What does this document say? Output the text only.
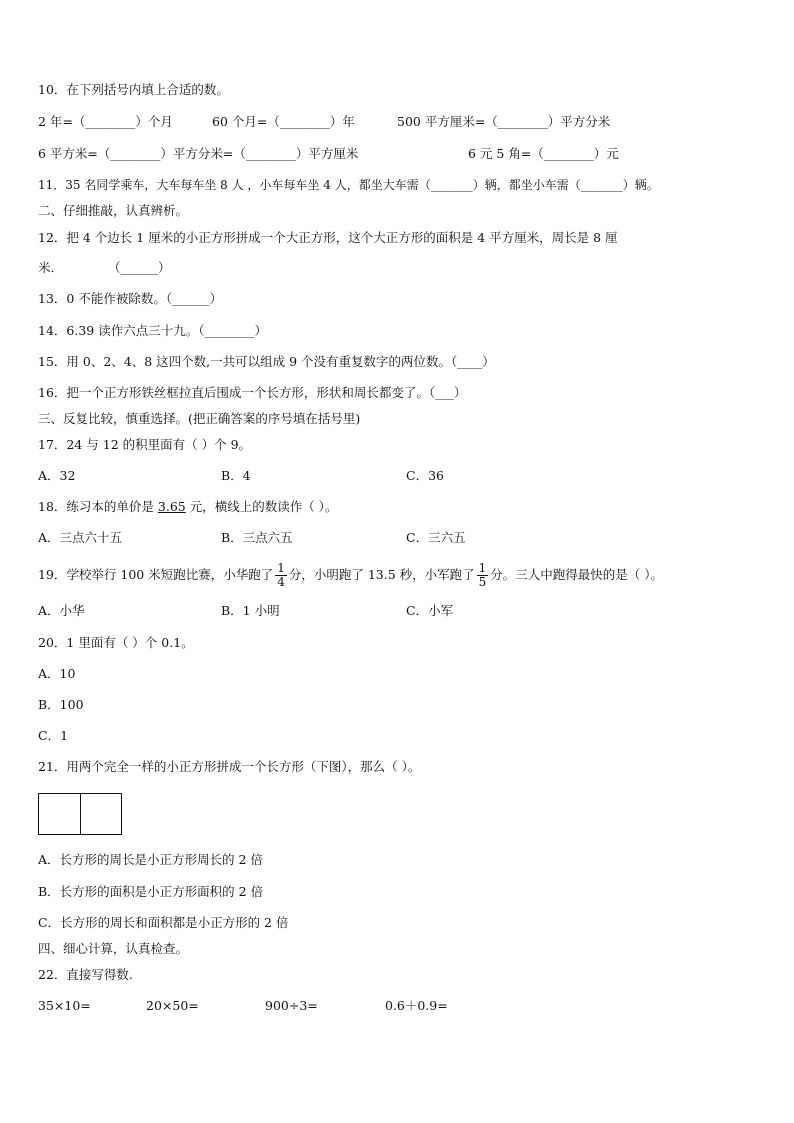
10．在下列括号内填上合适的数。
2 年=（________）个月	60 个月=（________）年	500 平方厘米=（________）平方分米
6 平方米=（________）平方分米=（________）平方厘米	6 元 5 角=（________）元
11．35 名同学乘车，大车每车坐 8 人 ，小车每车坐 4 人，都坐大车需（_______）辆，都坐小车需（_______）辆。
二、仔细推敲，认真辨析。
12．把 4 个边长 1 厘米的小正方形拼成一个大正方形，这个大正方形的面积是 4 平方厘米，周长是 8 厘
米．	（______）
13．0 不能作被除数。（______）
14．6.39 读作六点三十九。（________）
15．用 0、2、4、8 这四个数,一共可以组成 9 个没有重复数字的两位数。（____）
16．把一个正方形铁丝框拉直后围成一个长方形，形状和周长都变了。（___）
三、反复比较，慎重选择。(把正确答案的序号填在括号里)
17．24 与 12 的积里面有（ ）个 9。
A．32	B．4	C．36
18．练习本的单价是 3.65 元，横线上的数读作（ ）。
A．三点六十五	B．三点六五	C．三六五
19．学校举行 100 米短跑比赛，小华跑了 $\frac{1}{4}$ 分，小明跑了 13.5 秒，小军跑了 $\frac{1}{5}$ 分。三人中跑得最快的是（ ）。
A．小华	B．1 小明	C．小军
20．1 里面有（ ）个 0.1。
A．10
B．100
C．1
21．用两个完全一样的小正方形拼成一个长方形（下图），那么（ ）。
A．长方形的周长是小正方形周长的 2 倍
B．长方形的面积是小正方形面积的 2 倍
C．长方形的周长和面积都是小正方形的 2 倍
四、细心计算，认真检查。
22．直接写得数.
35×10=	20×50=	900÷3=	0.6＋0.9=
